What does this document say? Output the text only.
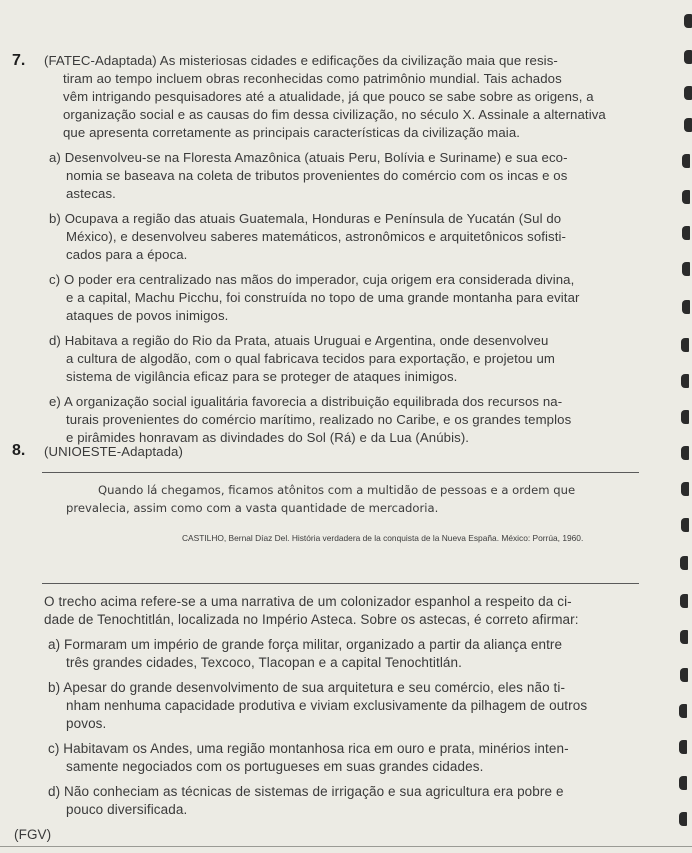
7. (FATEC-Adaptada) As misteriosas cidades e edificações da civilização maia que resis-
tiram ao tempo incluem obras reconhecidas como patrimônio mundial. Tais achados
vêm intrigando pesquisadores até a atualidade, já que pouco se sabe sobre as origens, a
organização social e as causas do fim dessa civilização, no século X. Assinale a alternativa
que apresenta corretamente as principais características da civilização maia.
a) Desenvolveu-se na Floresta Amazônica (atuais Peru, Bolívia e Suriname) e sua eco-
nomia se baseava na coleta de tributos provenientes do comércio com os incas e os
astecas.
b) Ocupava a região das atuais Guatemala, Honduras e Península de Yucatán (Sul do
México), e desenvolveu saberes matemáticos, astronômicos e arquitetônicos sofisti-
cados para a época.
c) O poder era centralizado nas mãos do imperador, cuja origem era considerada divina,
e a capital, Machu Picchu, foi construída no topo de uma grande montanha para evitar
ataques de povos inimigos.
d) Habitava a região do Rio da Prata, atuais Uruguai e Argentina, onde desenvolveu
a cultura de algodão, com o qual fabricava tecidos para exportação, e projetou um
sistema de vigilância eficaz para se proteger de ataques inimigos.
e) A organização social igualitária favorecia a distribuição equilibrada dos recursos na-
turais provenientes do comércio marítimo, realizado no Caribe, e os grandes templos
e pirâmides honravam as divindades do Sol (Rá) e da Lua (Anúbis).
8. (UNIOESTE-Adaptada)
Quando lá chegamos, ficamos atônitos com a multidão de pessoas e a ordem que
prevalecia, assim como com a vasta quantidade de mercadoria.
CASTILHO, Bernal Díaz Del. História verdadera de la conquista de la Nueva España. México: Porrúa, 1960.
O trecho acima refere-se a uma narrativa de um colonizador espanhol a respeito da ci-
dade de Tenochtitlán, localizada no Império Asteca. Sobre os astecas, é correto afirmar:
a) Formaram um império de grande força militar, organizado a partir da aliança entre
três grandes cidades, Texcoco, Tlacopan e a capital Tenochtitlán.
b) Apesar do grande desenvolvimento de sua arquitetura e seu comércio, eles não ti-
nham nenhuma capacidade produtiva e viviam exclusivamente da pilhagem de outros
povos.
c) Habitavam os Andes, uma região montanhosa rica em ouro e prata, minérios inten-
samente negociados com os portugueses em suas grandes cidades.
d) Não conheciam as técnicas de sistemas de irrigação e sua agricultura era pobre e
pouco diversificada.
(FGV)
